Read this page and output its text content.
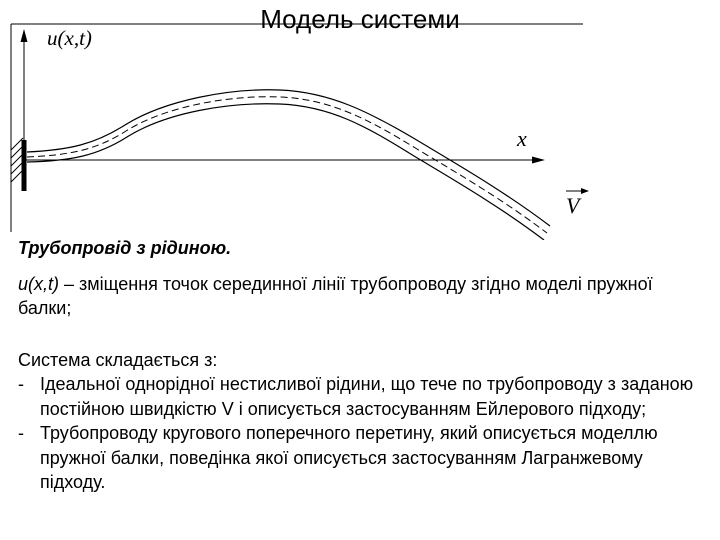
u(x,t)
x
V
Модель системи
Трубопровід з рідиною.
u(x,t) – зміщення точок серединної лінії трубопроводу згідно моделі пружної балки;
Система складається з:
- Ідеальної однорідної нестисливої рідини, що тече по трубопроводу з заданою постійною швидкістю V і описується застосуванням Ейлерового підходу;
- Трубопроводу кругового поперечного перетину, який описується моделлю пружної балки, поведінка якої описується застосуванням Лагранжевому підходу.
